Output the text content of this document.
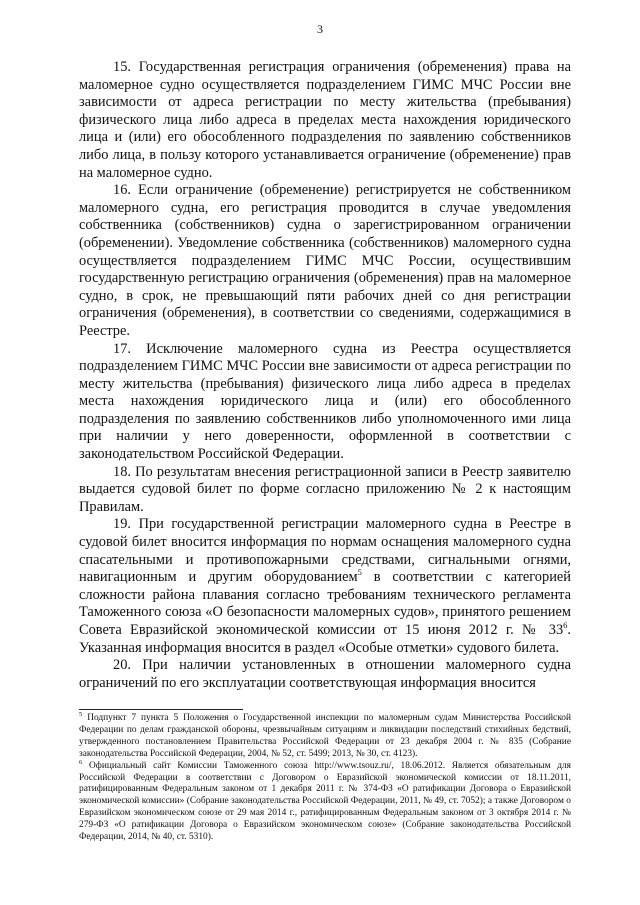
3

15. Государственная регистрация ограничения (обременения) права на маломерное судно осуществляется подразделением ГИМС МЧС России вне зависимости от адреса регистрации по месту жительства (пребывания) физического лица либо адреса в пределах места нахождения юридического лица и (или) его обособленного подразделения по заявлению собственников либо лица, в пользу которого устанавливается ограничение (обременение) прав на маломерное судно.

16. Если ограничение (обременение) регистрируется не собственником маломерного судна, его регистрация проводится в случае уведомления собственника (собственников) судна о зарегистрированном ограничении (обременении). Уведомление собственника (собственников) маломерного судна осуществляется подразделением ГИМС МЧС России, осуществившим государственную регистрацию ограничения (обременения) прав на маломерное судно, в срок, не превышающий пяти рабочих дней со дня регистрации ограничения (обременения), в соответствии со сведениями, содержащимися в Реестре.

17. Исключение маломерного судна из Реестра осуществляется подразделением ГИМС МЧС России вне зависимости от адреса регистрации по месту жительства (пребывания) физического лица либо адреса в пределах места нахождения юридического лица и (или) его обособленного подразделения по заявлению собственников либо уполномоченного ими лица при наличии у него доверенности, оформленной в соответствии с законодательством Российской Федерации.

18. По результатам внесения регистрационной записи в Реестр заявителю выдается судовой билет по форме согласно приложению № 2 к настоящим Правилам.

19. При государственной регистрации маломерного судна в Реестре в судовой билет вносится информация по нормам оснащения маломерного судна спасательными и противопожарными средствами, сигнальными огнями, навигационным и другим оборудованием$^5$ в соответствии с категорией сложности района плавания согласно требованиям технического регламента Таможенного союза «О безопасности маломерных судов», принятого решением Совета Евразийской экономической комиссии от 15 июня 2012 г. № 33$^6$. Указанная информация вносится в раздел «Особые отметки» судового билета.

20. При наличии установленных в отношении маломерного судна ограничений по его эксплуатации соответствующая информация вносится

$^5$ Подпункт 7 пункта 5 Положения о Государственной инспекции по маломерным судам Министерства Российской Федерации по делам гражданской обороны, чрезвычайным ситуациям и ликвидации последствий стихийных бедствий, утвержденного постановлением Правительства Российской Федерации от 23 декабря 2004 г. № 835 (Собрание законодательства Российской Федерации, 2004, № 52, ст. 5499; 2013, № 30, ст. 4123).

$^6$ Официальный сайт Комиссии Таможенного союза http://www.tsouz.ru/, 18.06.2012. Является обязательным для Российской Федерации в соответствии с Договором о Евразийской экономической комиссии от 18.11.2011, ратифицированным Федеральным законом от 1 декабря 2011 г. № 374-ФЗ «О ратификации Договора о Евразийской экономической комиссии» (Собрание законодательства Российской Федерации, 2011, № 49, ст. 7052); а также Договором о Евразийском экономическом союзе от 29 мая 2014 г., ратифицированным Федеральным законом от 3 октября 2014 г. № 279-ФЗ «О ратификации Договора о Евразийском экономическом союзе» (Собрание законодательства Российской Федерации, 2014, № 40, ст. 5310).
